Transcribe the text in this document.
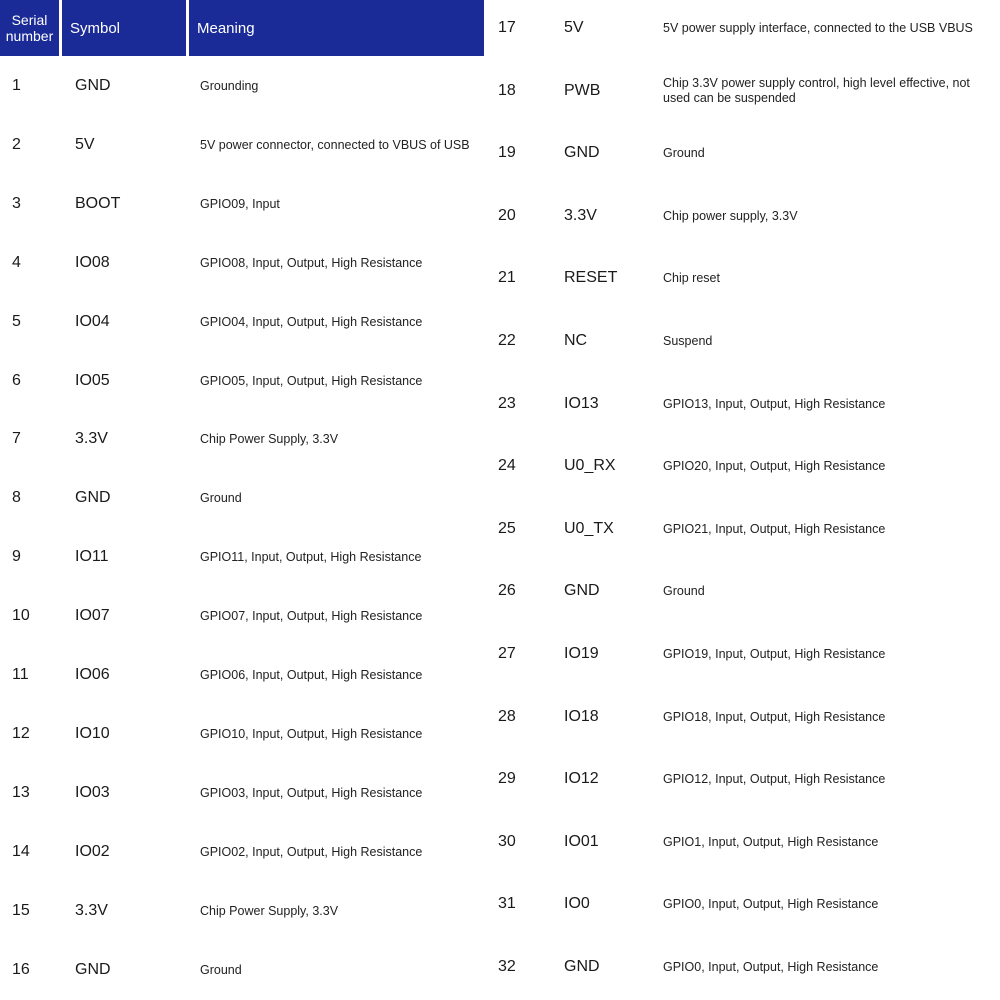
Serial number	Symbol	Meaning
1	GND	Grounding
2	5V	5V power connector, connected to VBUS of USB
3	BOOT	GPIO09, Input
4	IO08	GPIO08, Input, Output, High Resistance
5	IO04	GPIO04, Input, Output, High Resistance
6	IO05	GPIO05, Input, Output, High Resistance
7	3.3V	Chip Power Supply, 3.3V
8	GND	Ground
9	IO11	GPIO11, Input, Output, High Resistance
10	IO07	GPIO07, Input, Output, High Resistance
11	IO06	GPIO06, Input, Output, High Resistance
12	IO10	GPIO10, Input, Output, High Resistance
13	IO03	GPIO03, Input, Output, High Resistance
14	IO02	GPIO02, Input, Output, High Resistance
15	3.3V	Chip Power Supply, 3.3V
16	GND	Ground
17	5V	5V power supply interface, connected to the USB VBUS
18	PWB	Chip 3.3V power supply control, high level effective, not used can be suspended
19	GND	Ground
20	3.3V	Chip power supply, 3.3V
21	RESET	Chip reset
22	NC	Suspend
23	IO13	GPIO13, Input, Output, High Resistance
24	U0_RX	GPIO20, Input, Output, High Resistance
25	U0_TX	GPIO21, Input, Output, High Resistance
26	GND	Ground
27	IO19	GPIO19, Input, Output, High Resistance
28	IO18	GPIO18, Input, Output, High Resistance
29	IO12	GPIO12, Input, Output, High Resistance
30	IO01	GPIO1, Input, Output, High Resistance
31	IO0	GPIO0, Input, Output, High Resistance
32	GND	GPIO0, Input, Output, High Resistance
